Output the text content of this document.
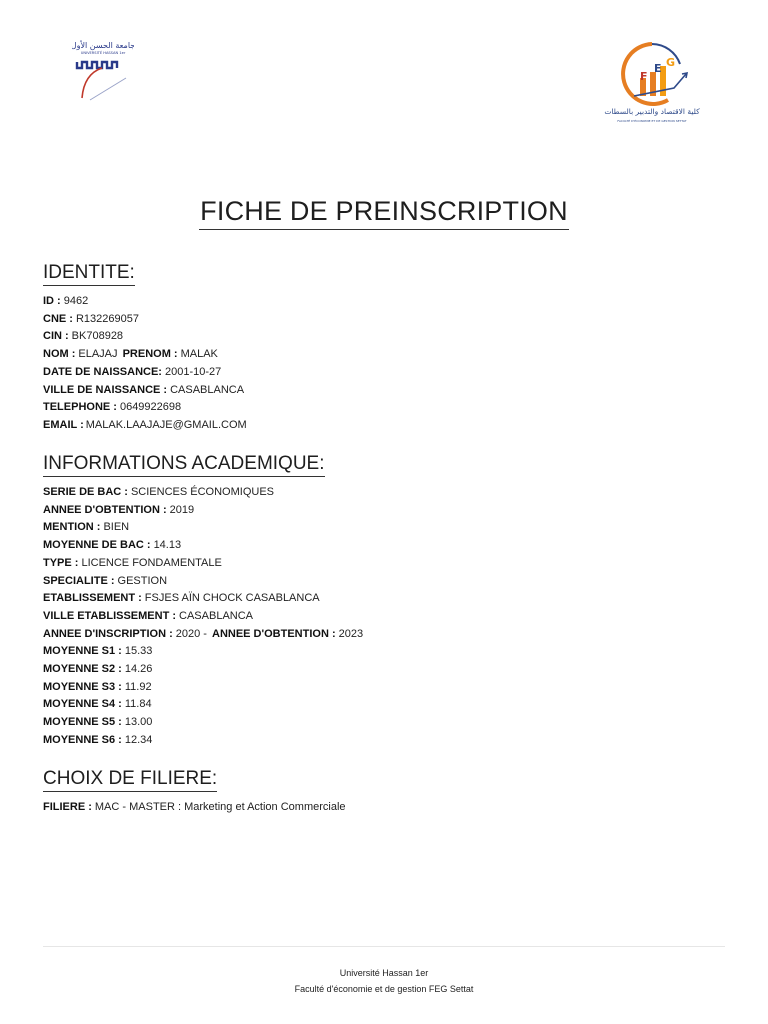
جامعة الحسن الأول
UNIVERSITÉ HASSAN 1er
F
E G
كلية الاقتصاد والتدبير بالسطات
FACULTÉ D'ÉCONOMIE ET DE GESTION SETTAT
FICHE DE PREINSCRIPTION
IDENTITE:
ID : 9462
CNE : R132269057
CIN : BK708928
NOM : ELAJAJ PRENOM : MALAK
DATE DE NAISSANCE: 2001-10-27
VILLE DE NAISSANCE : CASABLANCA
TELEPHONE : 0649922698
EMAIL : MALAK.LAAJAJE@GMAIL.COM
INFORMATIONS ACADEMIQUE:
SERIE DE BAC : SCIENCES ÉCONOMIQUES
ANNEE D'OBTENTION : 2019
MENTION : BIEN
MOYENNE DE BAC : 14.13
TYPE : LICENCE FONDAMENTALE
SPECIALITE : GESTION
ETABLISSEMENT : FSJES AÏN CHOCK CASABLANCA
VILLE ETABLISSEMENT : CASABLANCA
ANNEE D'INSCRIPTION : 2020 - ANNEE D'OBTENTION : 2023
MOYENNE S1 : 15.33
MOYENNE S2 : 14.26
MOYENNE S3 : 11.92
MOYENNE S4 : 11.84
MOYENNE S5 : 13.00
MOYENNE S6 : 12.34
CHOIX DE FILIERE:
FILIERE : MAC - MASTER : Marketing et Action Commerciale
Université Hassan 1er
Faculté d'économie et de gestion FEG Settat
